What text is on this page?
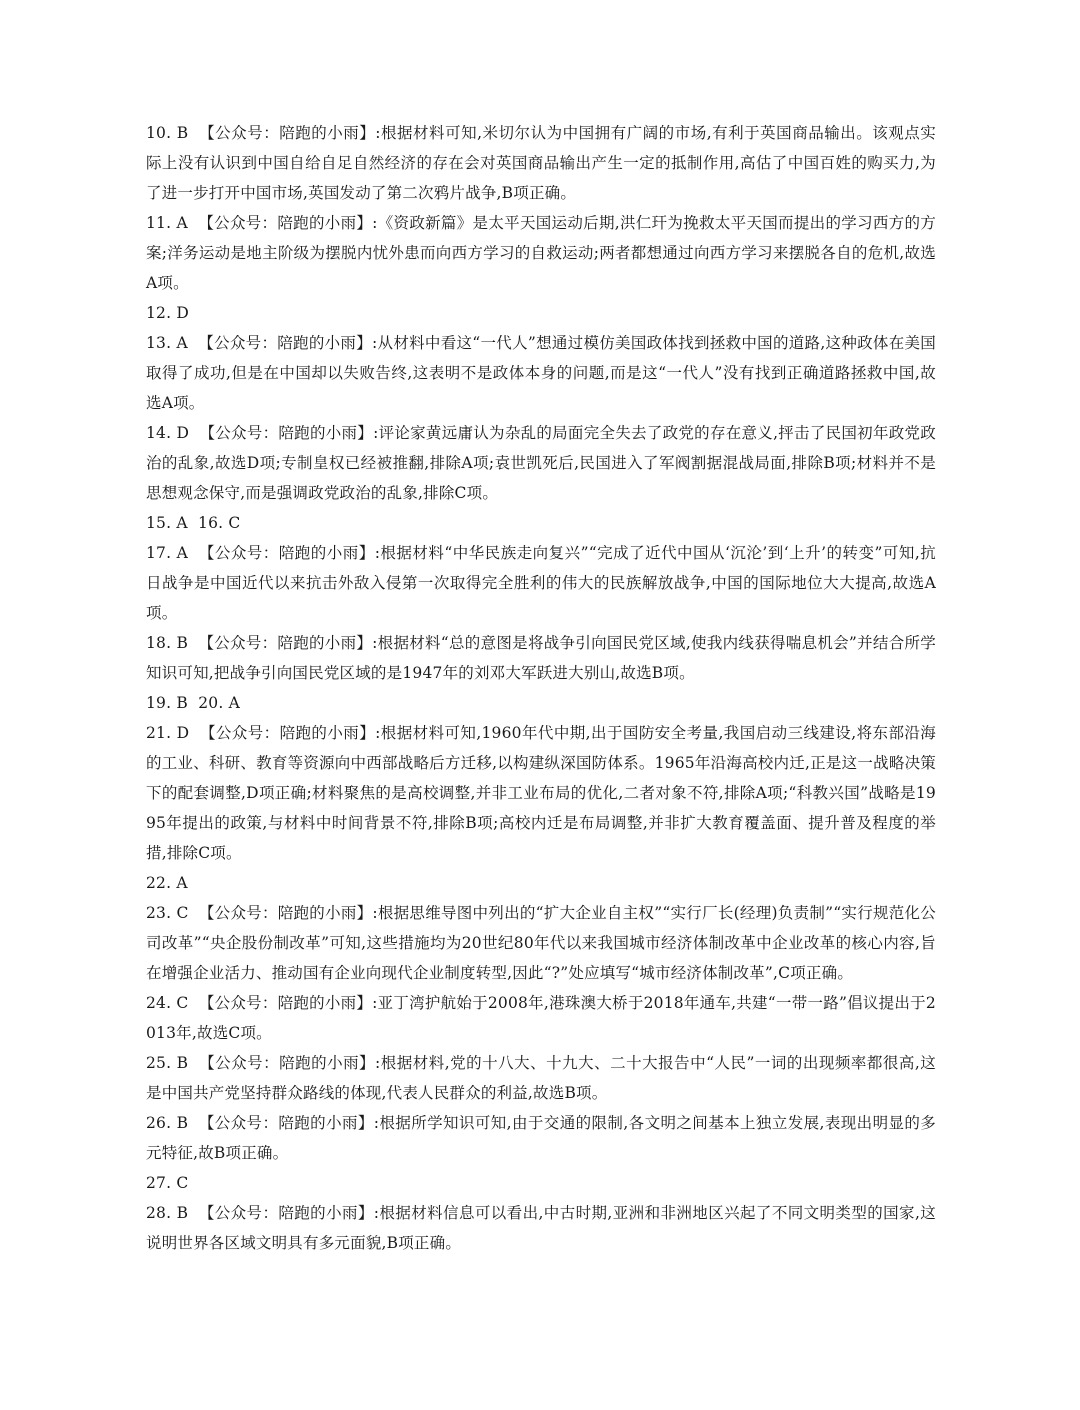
10. B  【公众号：陪跑的小雨】:根据材料可知,米切尔认为中国拥有广阔的市场,有利于英国商品输出。该观点实际上没有认识到中国自给自足自然经济的存在会对英国商品输出产生一定的抵制作用,高估了中国百姓的购买力,为了进一步打开中国市场,英国发动了第二次鸦片战争,B项正确。

11. A  【公众号：陪跑的小雨】:《资政新篇》是太平天国运动后期,洪仁玕为挽救太平天国而提出的学习西方的方案;洋务运动是地主阶级为摆脱内忧外患而向西方学习的自救运动;两者都想通过向西方学习来摆脱各自的危机,故选A项。

12. D

13. A  【公众号：陪跑的小雨】:从材料中看这“一代人”想通过模仿美国政体找到拯救中国的道路,这种政体在美国取得了成功,但是在中国却以失败告终,这表明不是政体本身的问题,而是这“一代人”没有找到正确道路拯救中国,故选A项。

14. D  【公众号：陪跑的小雨】:评论家黄远庸认为杂乱的局面完全失去了政党的存在意义,抨击了民国初年政党政治的乱象,故选D项;专制皇权已经被推翻,排除A项;袁世凯死后,民国进入了军阀割据混战局面,排除B项;材料并不是思想观念保守,而是强调政党政治的乱象,排除C项。

15. A  16. C

17. A  【公众号：陪跑的小雨】:根据材料“中华民族走向复兴”“完成了近代中国从‘沉沦’到‘上升’的转变”可知,抗日战争是中国近代以来抗击外敌入侵第一次取得完全胜利的伟大的民族解放战争,中国的国际地位大大提高,故选A项。

18. B  【公众号：陪跑的小雨】:根据材料“总的意图是将战争引向国民党区域,使我内线获得喘息机会”并结合所学知识可知,把战争引向国民党区域的是1947年的刘邓大军跃进大别山,故选B项。

19. B  20. A

21. D  【公众号：陪跑的小雨】:根据材料可知,1960年代中期,出于国防安全考量,我国启动三线建设,将东部沿海的工业、科研、教育等资源向中西部战略后方迁移,以构建纵深国防体系。1965年沿海高校内迁,正是这一战略决策下的配套调整,D项正确;材料聚焦的是高校调整,并非工业布局的优化,二者对象不符,排除A项;“科教兴国”战略是1995年提出的政策,与材料中时间背景不符,排除B项;高校内迁是布局调整,并非扩大教育覆盖面、提升普及程度的举措,排除C项。

22. A

23. C  【公众号：陪跑的小雨】:根据思维导图中列出的“扩大企业自主权”“实行厂长(经理)负责制”“实行规范化公司改革”“央企股份制改革”可知,这些措施均为20世纪80年代以来我国城市经济体制改革中企业改革的核心内容,旨在增强企业活力、推动国有企业向现代企业制度转型,因此“?”处应填写“城市经济体制改革”,C项正确。

24. C  【公众号：陪跑的小雨】:亚丁湾护航始于2008年,港珠澳大桥于2018年通车,共建“一带一路”倡议提出于2013年,故选C项。

25. B  【公众号：陪跑的小雨】:根据材料,党的十八大、十九大、二十大报告中“人民”一词的出现频率都很高,这是中国共产党坚持群众路线的体现,代表人民群众的利益,故选B项。

26. B  【公众号：陪跑的小雨】:根据所学知识可知,由于交通的限制,各文明之间基本上独立发展,表现出明显的多元特征,故B项正确。

27. C

28. B  【公众号：陪跑的小雨】:根据材料信息可以看出,中古时期,亚洲和非洲地区兴起了不同文明类型的国家,这说明世界各区域文明具有多元面貌,B项正确。
